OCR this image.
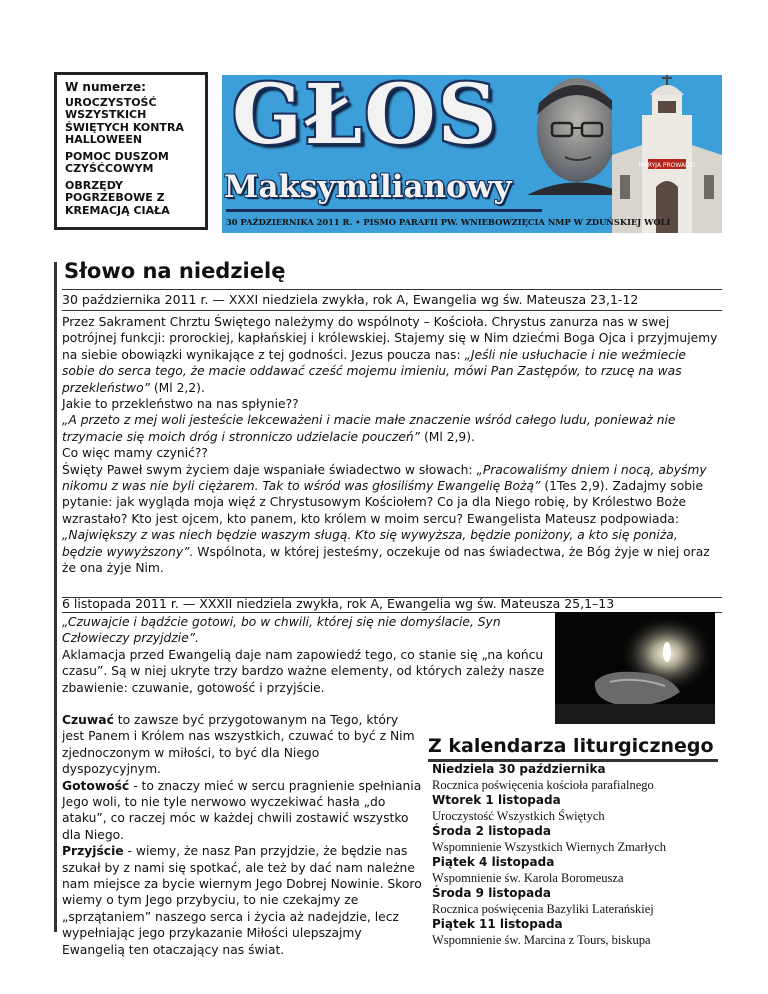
W numerze:
UROCZYSTOŚĆ WSZYSTKICH ŚWIĘTYCH KONTRA HALLOWEEN
POMOC DUSZOM CZYŚĆCOWYM
OBRZĘDY POGRZEBOWE Z KREMACJĄ CIAŁA
MARYJA PROWADZI
GŁOS
Maksymilianowy
30 PAŹDZIERNIKA 2011 R. • PISMO PARAFII PW. WNIEBOWZIĘCIA NMP W ZDUŃSKIEJ WOLI
Słowo na niedzielę
30 października 2011 r. — XXXI niedziela zwykła, rok A, Ewangelia wg św. Mateusza 23,1-12

Przez Sakrament Chrztu Świętego należymy do wspólnoty – Kościoła. Chrystus zanurza nas w swej potrójnej funkcji: prorockiej, kapłańskiej i królewskiej. Stajemy się w Nim dziećmi Boga Ojca i przyjmujemy na siebie obowiązki wynikające z tej godności. Jezus poucza nas: „Jeśli nie usłuchacie i nie weźmiecie sobie do serca tego, że macie oddawać cześć mojemu imieniu, mówi Pan Zastępów, to rzucę na was przekleństwo” (Ml 2,2).

Jakie to przekleństwo na nas spłynie??

„A przeto z mej woli jesteście lekceważeni i macie małe znaczenie wśród całego ludu, ponieważ nie trzymacie się moich dróg i stronniczo udzielacie pouczeń” (Ml 2,9).

Co więc mamy czynić??

Święty Paweł swym życiem daje wspaniałe świadectwo w słowach: „Pracowaliśmy dniem i nocą, abyśmy nikomu z was nie byli ciężarem. Tak to wśród was głosiliśmy Ewangelię Bożą” (1Tes 2,9). Zadajmy sobie pytanie: jak wygląda moja więź z Chrystusowym Kościołem? Co ja dla Niego robię, by Królestwo Boże wzrastało? Kto jest ojcem, kto panem, kto królem w moim sercu? Ewangelista Mateusz podpowiada: „Największy z was niech będzie waszym sługą. Kto się wywyższa, będzie poniżony, a kto się poniża, będzie wywyższony”. Wspólnota, w której jesteśmy, oczekuje od nas świadectwa, że Bóg żyje w niej oraz że ona żyje Nim.

6 listopada 2011 r. — XXXII niedziela zwykła, rok A, Ewangelia wg św. Mateusza 25,1–13

„Czuwajcie i bądźcie gotowi, bo w chwili, której się nie domyślacie, Syn Człowieczy przyjdzie”.

Aklamacja przed Ewangelią daje nam zapowiedź tego, co stanie się „na końcu czasu”. Są w niej ukryte trzy bardzo ważne elementy, od których zależy nasze zbawienie: czuwanie, gotowość i przyjście.

Czuwać to zawsze być przygotowanym na Tego, który jest Panem i Królem nas wszystkich, czuwać to być z Nim zjednoczonym w miłości, to być dla Niego dyspozycyjnym.

Gotowość - to znaczy mieć w sercu pragnienie spełniania Jego woli, to nie tyle nerwowo wyczekiwać hasła „do ataku”, co raczej móc w każdej chwili zostawić wszystko dla Niego.

Przyjście - wiemy, że nasz Pan przyjdzie, że będzie nas szukał by z nami się spotkać, ale też by dać nam należne nam miejsce za bycie wiernym Jego Dobrej Nowinie. Skoro wiemy o tym Jego przybyciu, to nie czekajmy ze „sprzątaniem” naszego serca i życia aż nadejdzie, lecz wypełniając jego przykazanie Miłości ulepszajmy Ewangelią ten otaczający nas świat.

Z kalendarza liturgicznego
Niedziela 30 października
Rocznica poświęcenia kościoła parafialnego
Wtorek 1 listopada
Uroczystość Wszystkich Świętych
Środa 2 listopada
Wspomnienie Wszystkich Wiernych Zmarłych
Piątek 4 listopada
Wspomnienie św. Karola Boromeusza
Środa 9 listopada
Rocznica poświęcenia Bazyliki Laterańskiej
Piątek 11 listopada
Wspomnienie św. Marcina z Tours, biskupa
